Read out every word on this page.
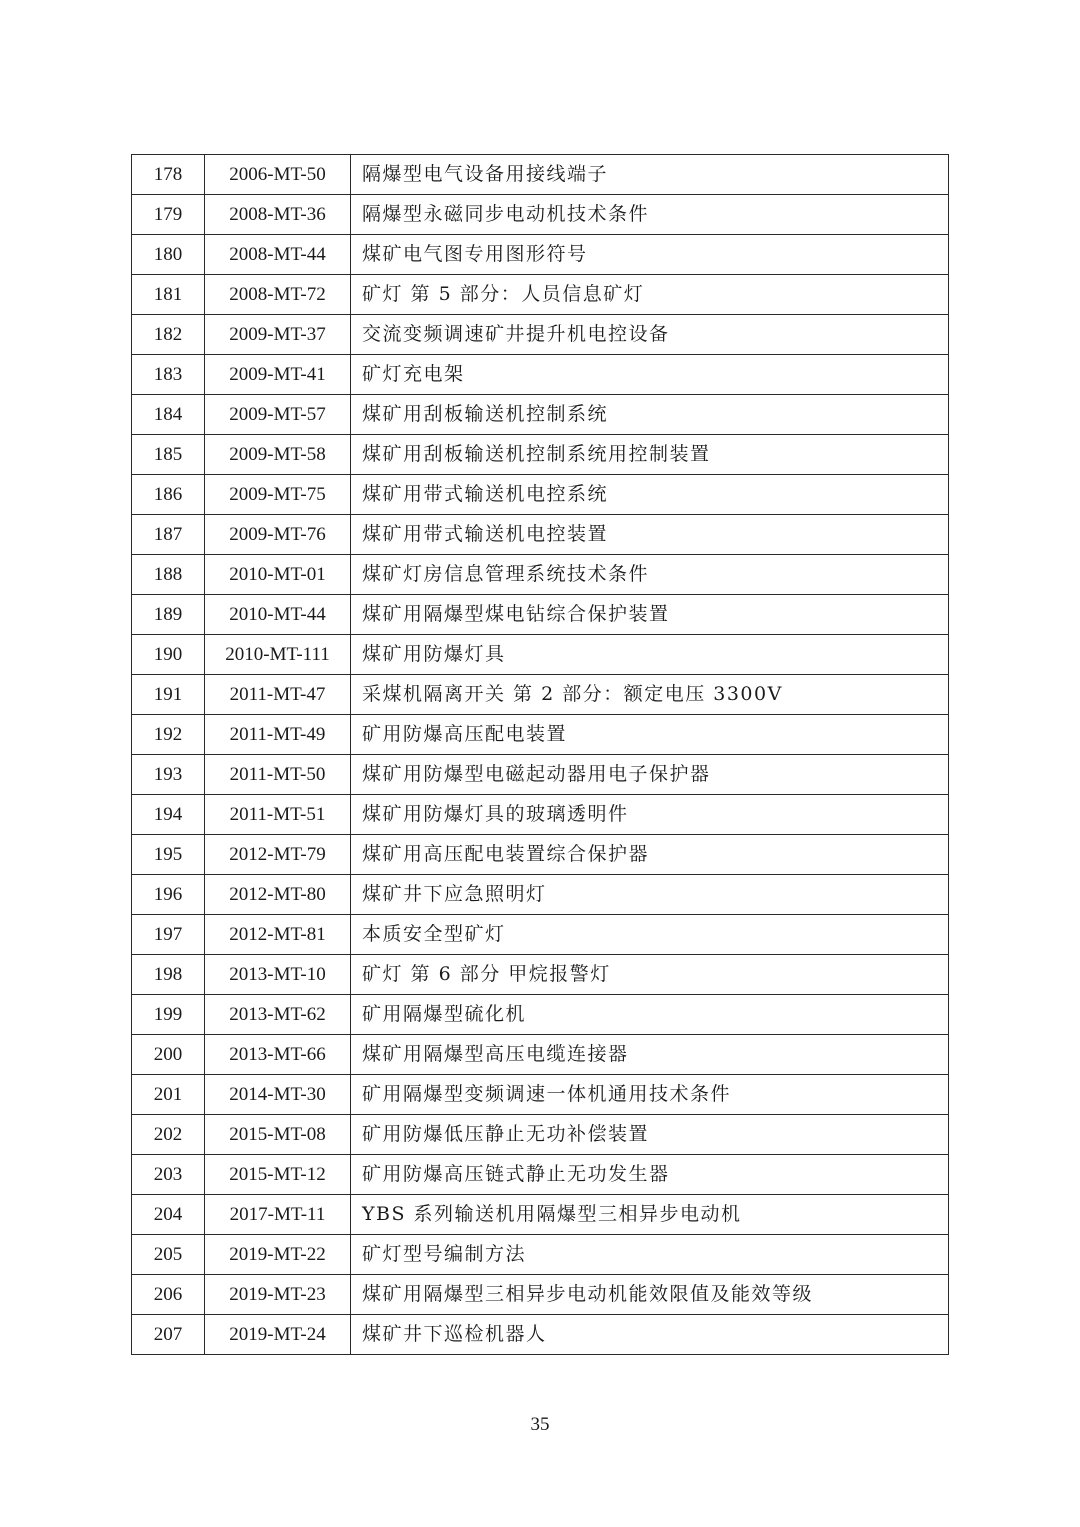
178	2006-MT-50	隔爆型电气设备用接线端子
179	2008-MT-36	隔爆型永磁同步电动机技术条件
180	2008-MT-44	煤矿电气图专用图形符号
181	2008-MT-72	矿灯 第 5 部分：人员信息矿灯
182	2009-MT-37	交流变频调速矿井提升机电控设备
183	2009-MT-41	矿灯充电架
184	2009-MT-57	煤矿用刮板输送机控制系统
185	2009-MT-58	煤矿用刮板输送机控制系统用控制装置
186	2009-MT-75	煤矿用带式输送机电控系统
187	2009-MT-76	煤矿用带式输送机电控装置
188	2010-MT-01	煤矿灯房信息管理系统技术条件
189	2010-MT-44	煤矿用隔爆型煤电钻综合保护装置
190	2010-MT-111	煤矿用防爆灯具
191	2011-MT-47	采煤机隔离开关 第 2 部分：额定电压 3300V
192	2011-MT-49	矿用防爆高压配电装置
193	2011-MT-50	煤矿用防爆型电磁起动器用电子保护器
194	2011-MT-51	煤矿用防爆灯具的玻璃透明件
195	2012-MT-79	煤矿用高压配电装置综合保护器
196	2012-MT-80	煤矿井下应急照明灯
197	2012-MT-81	本质安全型矿灯
198	2013-MT-10	矿灯 第 6 部分 甲烷报警灯
199	2013-MT-62	矿用隔爆型硫化机
200	2013-MT-66	煤矿用隔爆型高压电缆连接器
201	2014-MT-30	矿用隔爆型变频调速一体机通用技术条件
202	2015-MT-08	矿用防爆低压静止无功补偿装置
203	2015-MT-12	矿用防爆高压链式静止无功发生器
204	2017-MT-11	YBS 系列输送机用隔爆型三相异步电动机
205	2019-MT-22	矿灯型号编制方法
206	2019-MT-23	煤矿用隔爆型三相异步电动机能效限值及能效等级
207	2019-MT-24	煤矿井下巡检机器人
35
